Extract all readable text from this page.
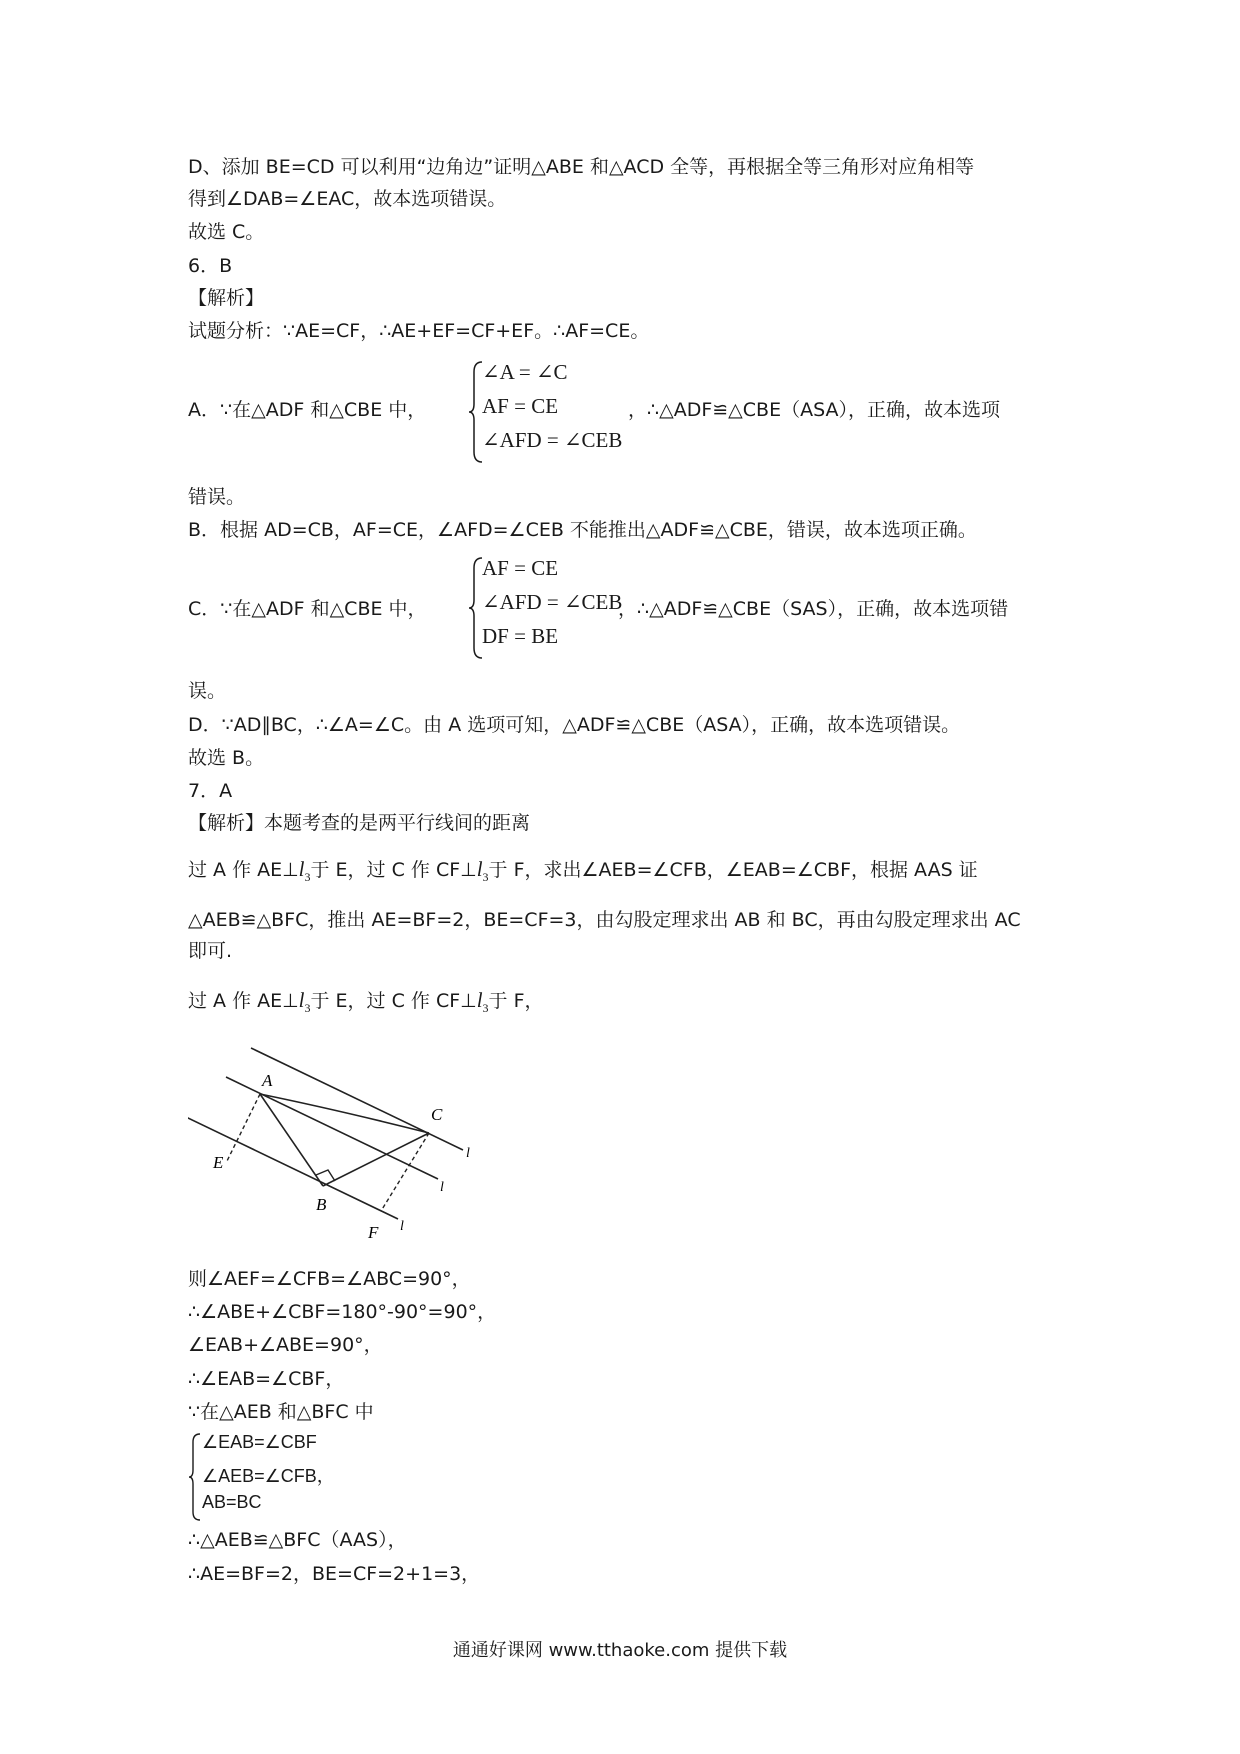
D、添加 BE=CD 可以利用“边角边”证明△ABE 和△ACD 全等，再根据全等三角形对应角相等
得到∠DAB=∠EAC，故本选项错误。
故选 C。
6．B
【解析】
试题分析：∵AE=CF，∴AE+EF=CF+EF。∴AF=CE。
A．∵在△ADF 和△CBE 中，
∠A = ∠C
AF = CE
∠AFD = ∠CEB
，∴△ADF≌△CBE（ASA），正确，故本选项
错误。
B．根据 AD=CB，AF=CE，∠AFD=∠CEB 不能推出△ADF≌△CBE，错误，故本选项正确。
C．∵在△ADF 和△CBE 中，
AF = CE
∠AFD = ∠CEB
DF = BE
，∴△ADF≌△CBE（SAS），正确，故本选项错
误。
D．∵AD∥BC，∴∠A=∠C。由 A 选项可知，△ADF≌△CBE（ASA），正确，故本选项错误。
故选 B。
7．A
【解析】本题考查的是两平行线间的距离
过 A 作 $AE\perp l_3$于 E，过 C 作 $CF\perp l_3$于 F，求出∠AEB=∠CFB，∠EAB=∠CBF，根据 AAS 证
△AEB≌△BFC，推出 AE=BF=2，BE=CF=3，由勾股定理求出 AB 和 BC，再由勾股定理求出 AC
即可.
过 A 作 $AE\perp l_3$于 E，过 C 作 $CF\perp l_3$于 F，
A
C
E
B
F
l
l
l
则∠AEF=∠CFB=∠ABC=90°，
∴∠ABE+∠CBF=180°-90°=90°，
∠EAB+∠ABE=90°，
∴∠EAB=∠CBF，
∵在△AEB 和△BFC 中
∠EAB=∠CBF
∠AEB=∠CFB，
AB=BC
∴△AEB≌△BFC（AAS），
∴AE=BF=2，BE=CF=2+1=3，
通通好课网 www.tthaoke.com 提供下载
